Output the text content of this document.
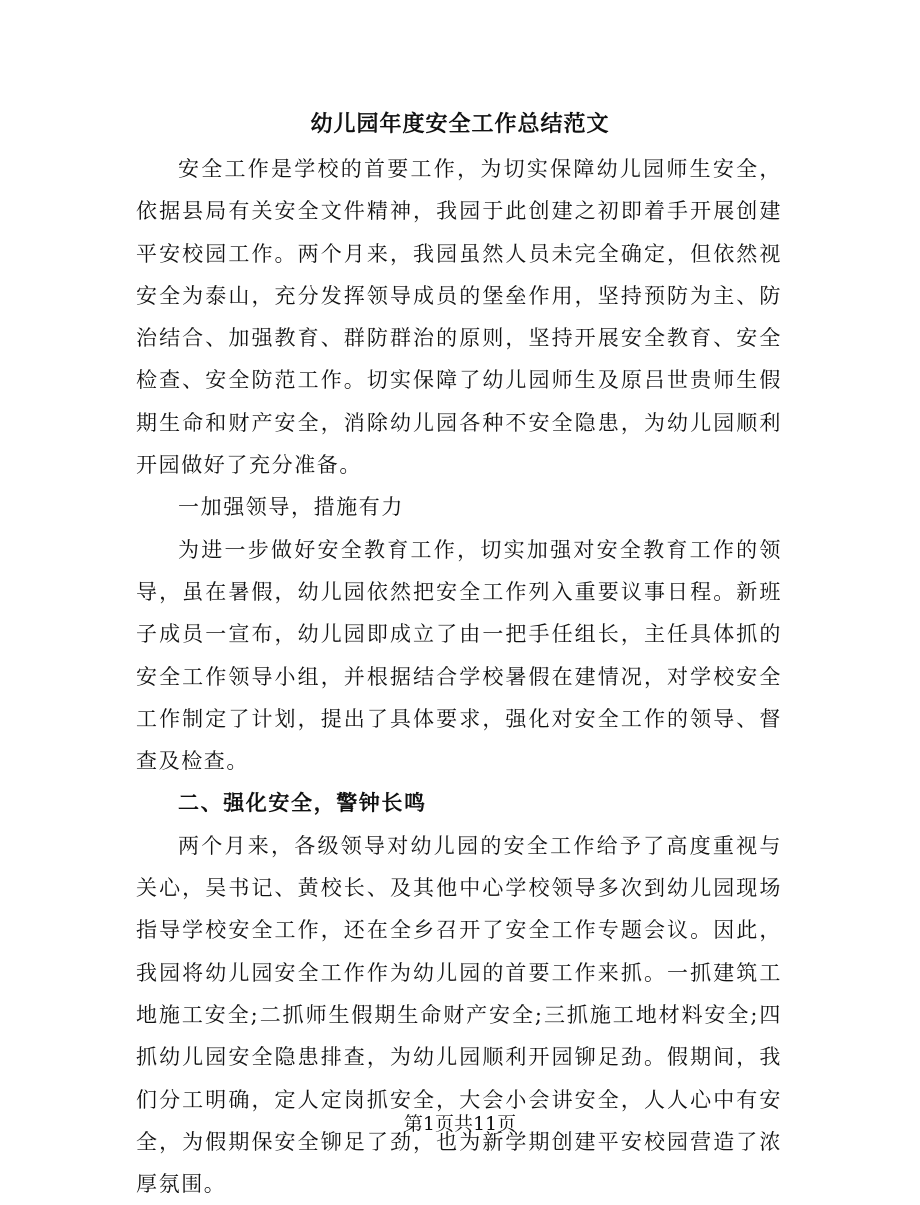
幼儿园年度安全工作总结范文

安全工作是学校的首要工作，为切实保障幼儿园师生安全，依据县局有关安全文件精神，我园于此创建之初即着手开展创建平安校园工作。两个月来，我园虽然人员未完全确定，但依然视安全为泰山，充分发挥领导成员的堡垒作用，坚持预防为主、防治结合、加强教育、群防群治的原则，坚持开展安全教育、安全检查、安全防范工作。切实保障了幼儿园师生及原吕世贵师生假期生命和财产安全，消除幼儿园各种不安全隐患，为幼儿园顺利开园做好了充分准备。

一加强领导，措施有力

为进一步做好安全教育工作，切实加强对安全教育工作的领导，虽在暑假，幼儿园依然把安全工作列入重要议事日程。新班子成员一宣布，幼儿园即成立了由一把手任组长，主任具体抓的安全工作领导小组，并根据结合学校暑假在建情况，对学校安全工作制定了计划，提出了具体要求，强化对安全工作的领导、督查及检查。

二、强化安全，警钟长鸣

两个月来，各级领导对幼儿园的安全工作给予了高度重视与关心，吴书记、黄校长、及其他中心学校领导多次到幼儿园现场指导学校安全工作，还在全乡召开了安全工作专题会议。因此，我园将幼儿园安全工作作为幼儿园的首要工作来抓。一抓建筑工地施工安全;二抓师生假期生命财产安全;三抓施工地材料安全;四抓幼儿园安全隐患排查，为幼儿园顺利开园铆足劲。假期间，我们分工明确，定人定岗抓安全，大会小会讲安全，人人心中有安全，为假期保安全铆足了劲，也为新学期创建平安校园营造了浓厚氛围。

第1页共11页
